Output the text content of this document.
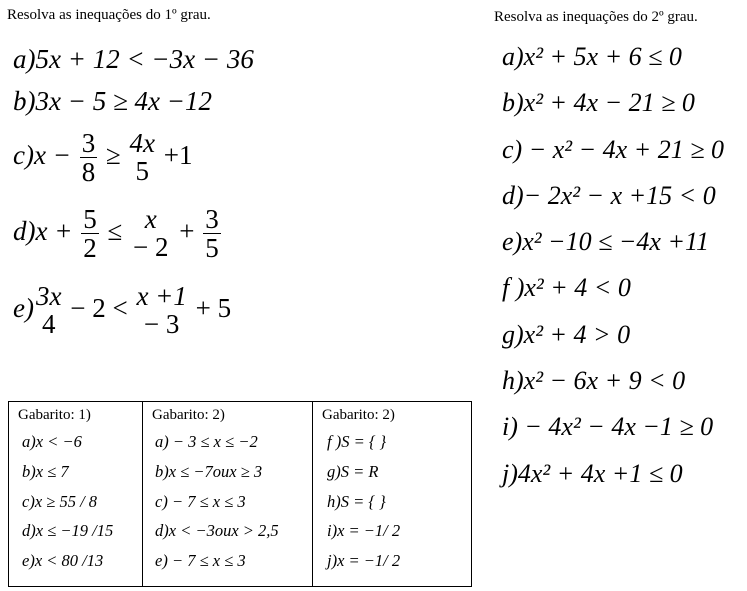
Resolva as inequações do 1º grau.
a)5x + 12 < −3x − 36
b)3x − 5 ≥ 4x −12
$c)x - \frac{3}{8} \ge 4x$
5
+1
$d)x + \frac{5}{2} \le x$
− 2
+ $\frac{3}{5}$
e) 3x
4
− 2 < x +1
− 3
+ 5
Resolva as inequações do 2º grau.
a)x² + 5x + 6 ≤ 0
b)x² + 4x − 21 ≥ 0
c) − x² − 4x + 21 ≥ 0
d)− 2x² − x +15 < 0
e)x² −10 ≤ −4x +11
f )x² + 4 < 0
g)x² + 4 > 0
h)x² − 6x + 9 < 0
i) − 4x² − 4x −1 ≥ 0
j)4x² + 4x +1 ≤ 0
Gabarito: 1)
a)x < −6
b)x ≤ 7
c)x ≥ 55 / 8
d)x ≤ −19 /15
e)x < 80 /13
Gabarito: 2)
a) − 3 ≤ x ≤ −2
b)x ≤ −7oux ≥ 3
c) − 7 ≤ x ≤ 3
d)x < −3oux > 2,5
e) − 7 ≤ x ≤ 3
Gabarito: 2)
f )S = { }
g)S = R
h)S = { }
i)x = −1/ 2
j)x = −1/ 2
